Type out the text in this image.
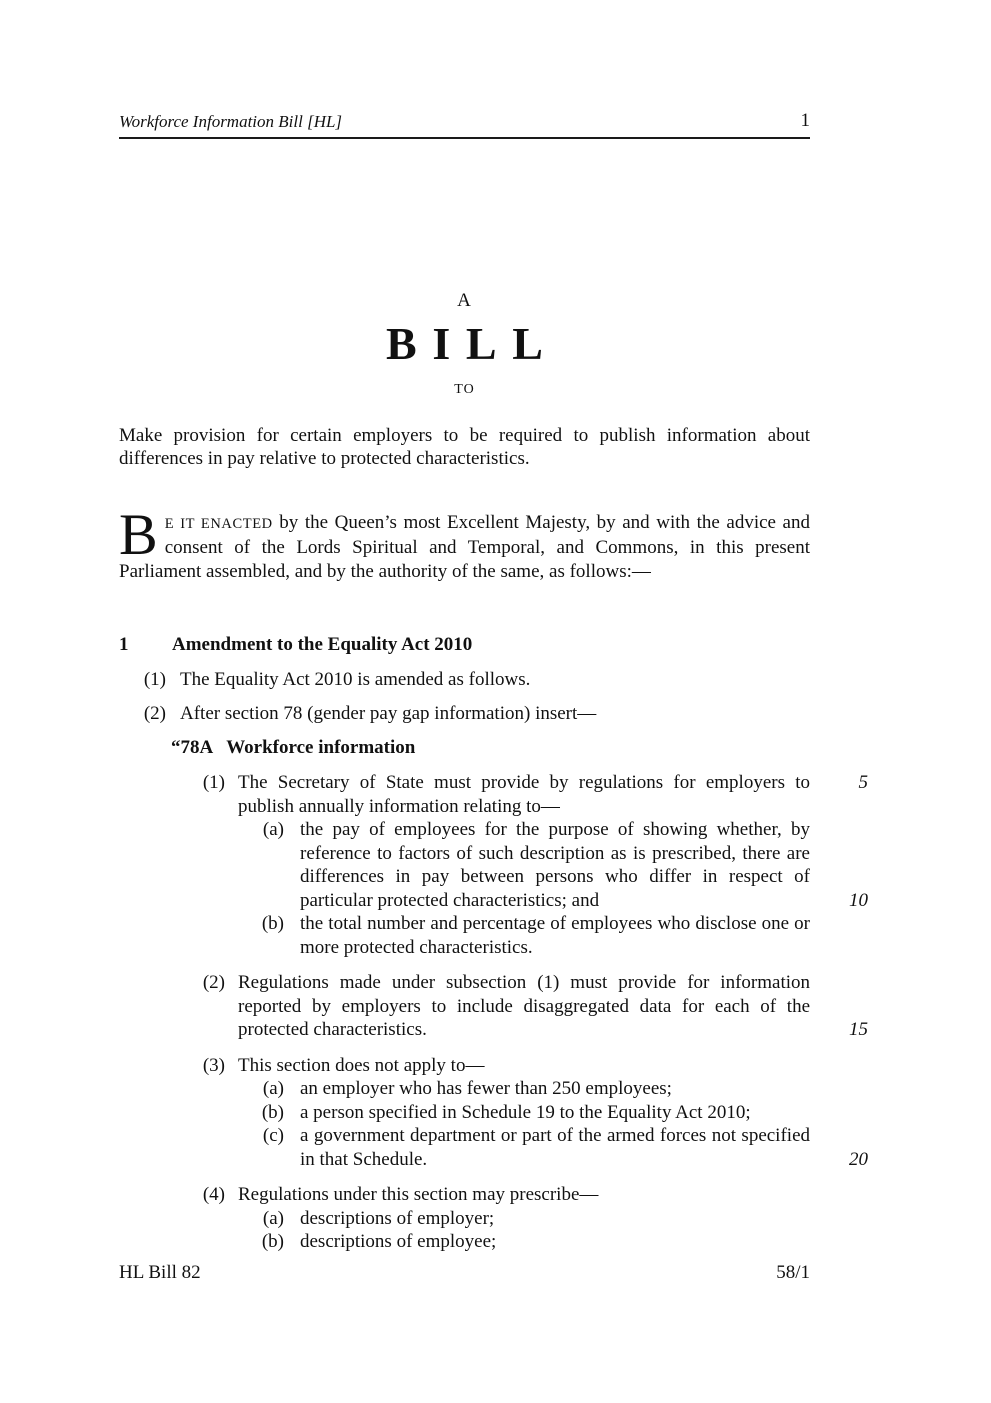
Workforce Information Bill [HL]	1
A
BILL
TO
Make provision for certain employers to be required to publish information about differences in pay relative to protected characteristics.
B E IT ENACTED by the Queen’s most Excellent Majesty, by and with the advice and consent of the Lords Spiritual and Temporal, and Commons, in this present Parliament assembled, and by the authority of the same, as follows:—
1	Amendment to the Equality Act 2010
(1) The Equality Act 2010 is amended as follows.
(2) After section 78 (gender pay gap information) insert—
“78A Workforce information
(1) The Secretary of State must provide by regulations for employers to publish annually information relating to—
5
(a) the pay of employees for the purpose of showing whether, by reference to factors of such description as is prescribed, there are differences in pay between persons who differ in respect of particular protected characteristics; and	10
(b) the total number and percentage of employees who disclose one or more protected characteristics.
(2) Regulations made under subsection (1) must provide for information reported by employers to include disaggregated data for each of the protected characteristics.	15
(3) This section does not apply to—
(a) an employer who has fewer than 250 employees;
(b) a person specified in Schedule 19 to the Equality Act 2010;
(c) a government department or part of the armed forces not specified in that Schedule.	20
(4) Regulations under this section may prescribe—
(a) descriptions of employer;
(b) descriptions of employee;
HL Bill 82	58/1
